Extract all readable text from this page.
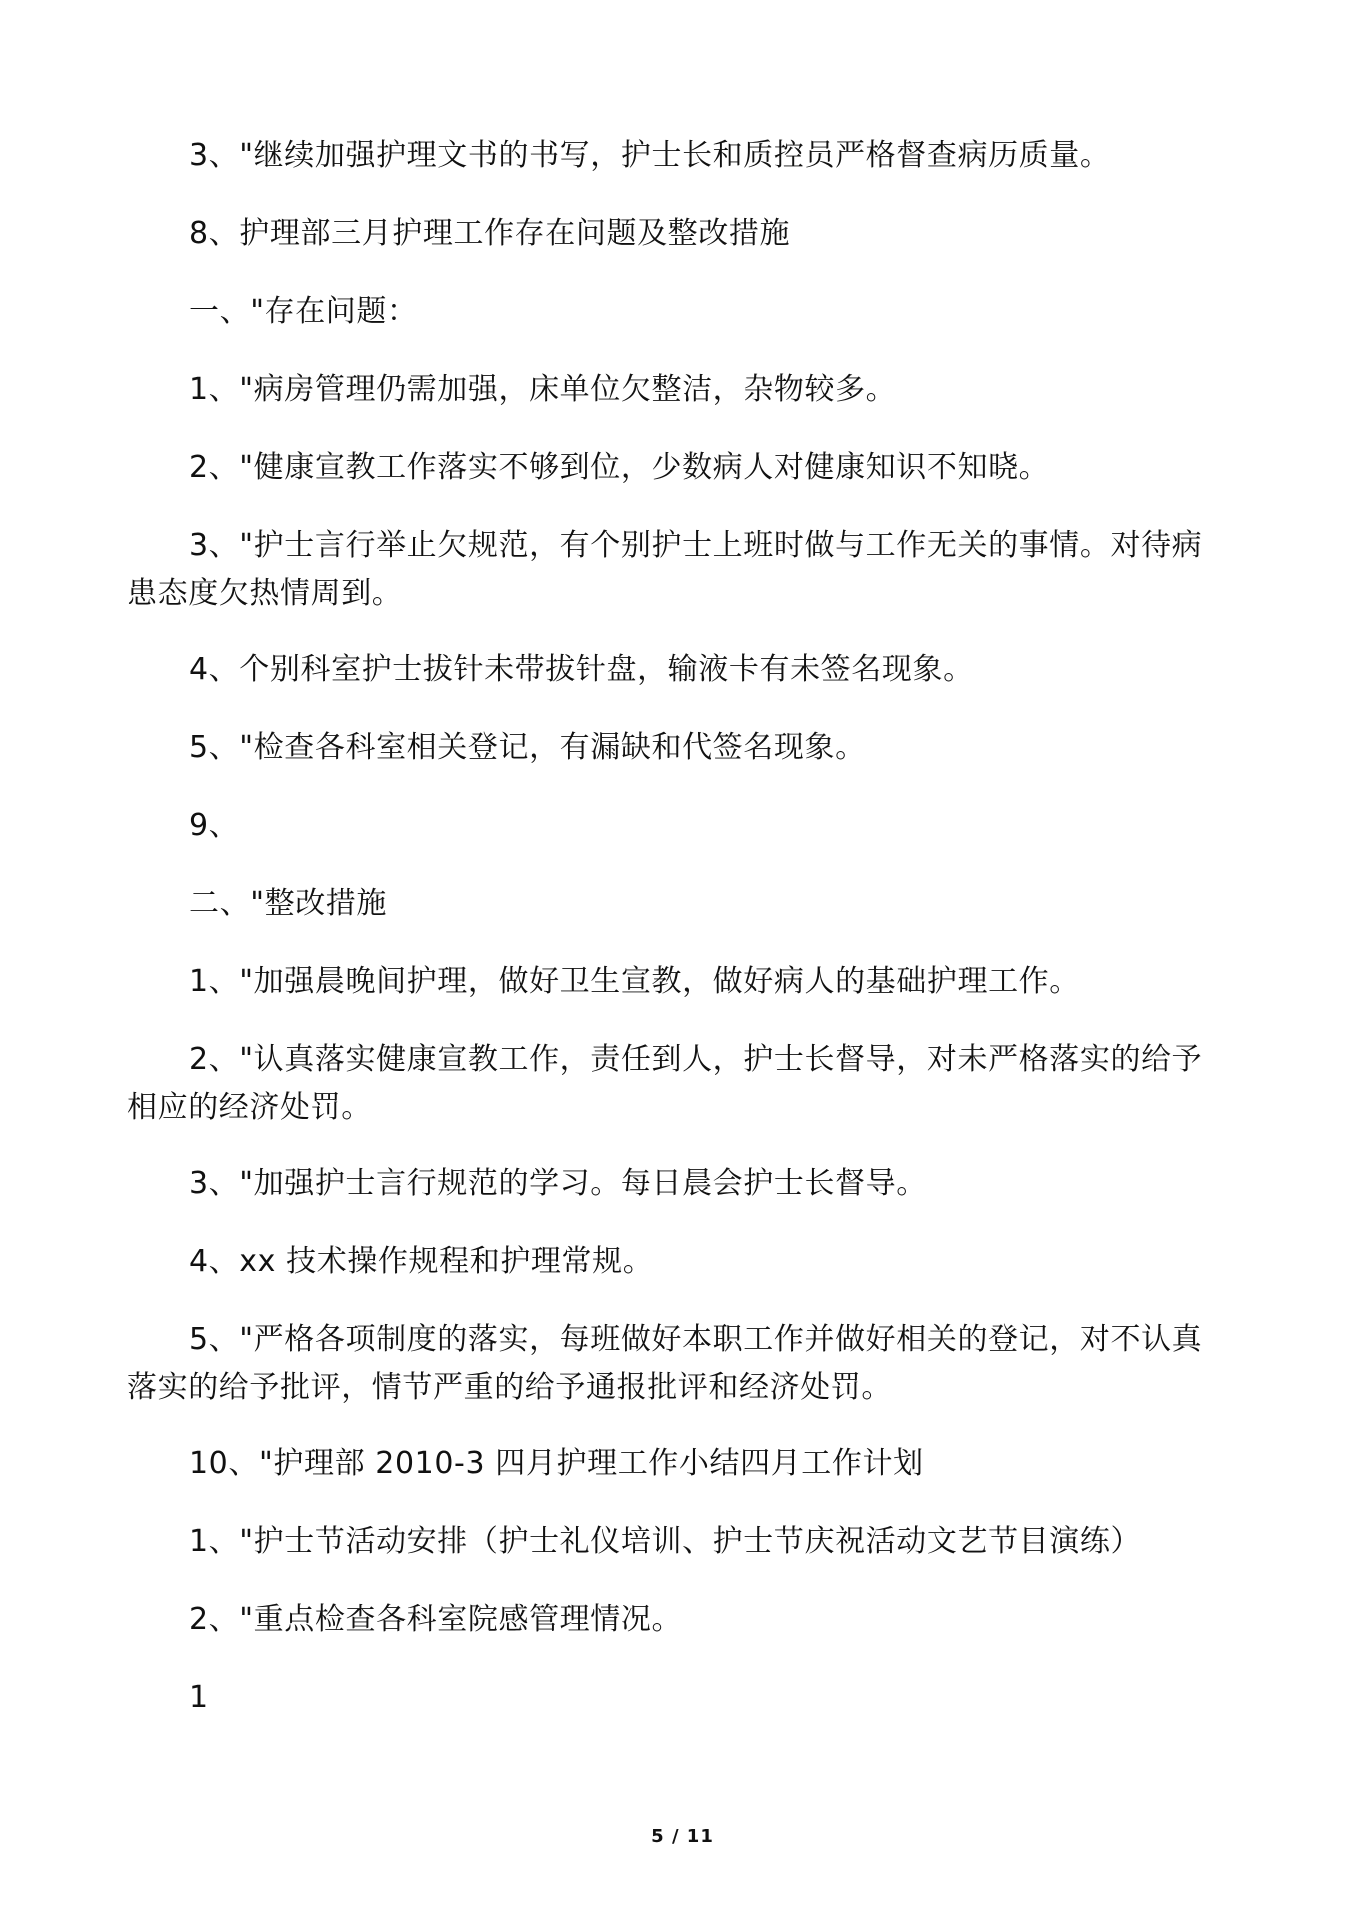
3、"继续加强护理文书的书写，护士长和质控员严格督查病历质量。

8、护理部三月护理工作存在问题及整改措施

一、"存在问题：

1、"病房管理仍需加强，床单位欠整洁，杂物较多。

2、"健康宣教工作落实不够到位，少数病人对健康知识不知晓。

3、"护士言行举止欠规范，有个别护士上班时做与工作无关的事情。对待病患态度欠热情周到。

4、个别科室护士拔针未带拔针盘，输液卡有未签名现象。

5、"检查各科室相关登记，有漏缺和代签名现象。

9、

二、"整改措施

1、"加强晨晚间护理，做好卫生宣教，做好病人的基础护理工作。

2、"认真落实健康宣教工作，责任到人，护士长督导，对未严格落实的给予相应的经济处罚。

3、"加强护士言行规范的学习。每日晨会护士长督导。

4、xx 技术操作规程和护理常规。

5、"严格各项制度的落实，每班做好本职工作并做好相关的登记，对不认真落实的给予批评，情节严重的给予通报批评和经济处罚。

10、"护理部 2010-3 四月护理工作小结四月工作计划

1、"护士节活动安排（护士礼仪培训、护士节庆祝活动文艺节目演练）

2、"重点检查各科室院感管理情况。

1

5 / 11
